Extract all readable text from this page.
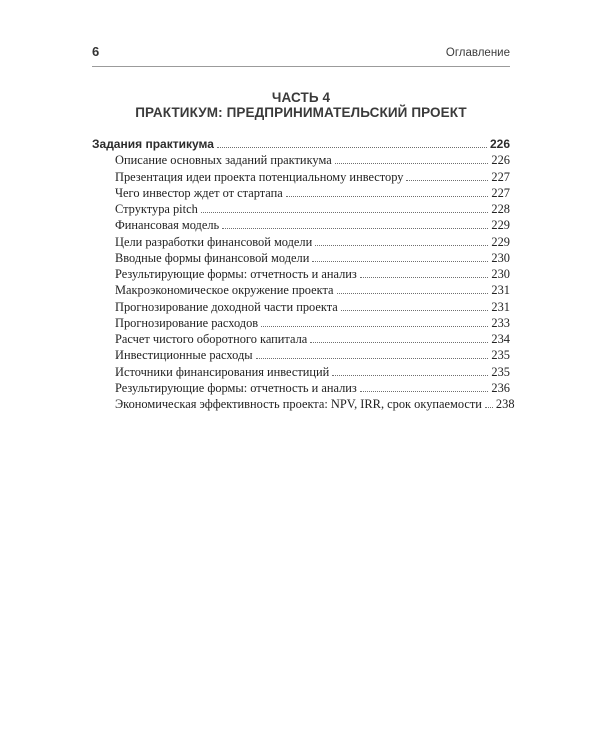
6	Оглавление
ЧАСТЬ 4
ПРАКТИКУМ: ПРЕДПРИНИМАТЕЛЬСКИЙ ПРОЕКТ
Задания практикума	226
Описание основных заданий практикума	226
Презентация идеи проекта потенциальному инвестору	227
Чего инвестор ждет от стартапа	227
Структура pitch	228
Финансовая модель	229
Цели разработки финансовой модели	229
Вводные формы финансовой модели	230
Результирующие формы: отчетность и анализ	230
Макроэкономическое окружение проекта	231
Прогнозирование доходной части проекта	231
Прогнозирование расходов	233
Расчет чистого оборотного капитала	234
Инвестиционные расходы	235
Источники финансирования инвестиций	235
Результирующие формы: отчетность и анализ	236
Экономическая эффективность проекта: NPV, IRR, срок окупаемости 238
